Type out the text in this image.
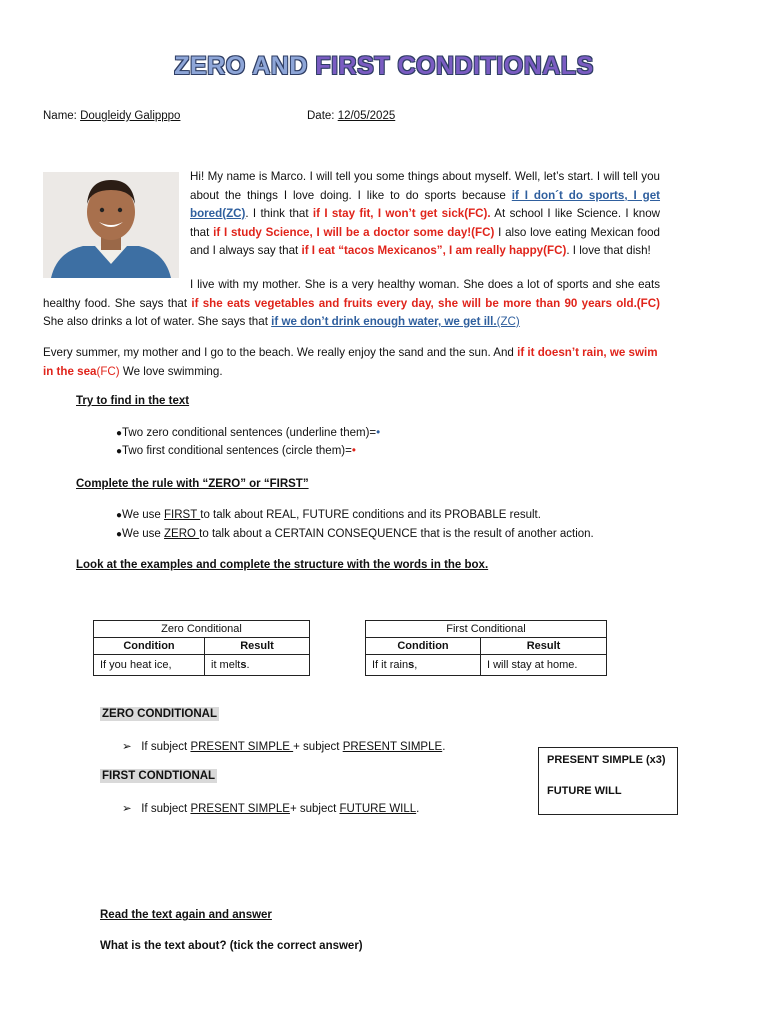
ZERO AND FIRST CONDITIONALS
Name: Dougleidy Galipppo	Date: 12/05/2025
Hi! My name is Marco. I will tell you some things about myself. Well, let’s start. I will tell you about the things I love doing. I like to do sports because if I don´t do sports, I get bored(ZC). I think that if I stay fit, I won’t get sick(FC). At school I like Science. I know that if I study Science, I will be a doctor some day!(FC) I also love eating Mexican food and I always say that if I eat “tacos Mexicanos”, I am really happy(FC). I love that dish!
I live with my mother. She is a very healthy woman. She does a lot of sports and she eats healthy food. She says that if she eats vegetables and fruits every day, she will be more than 90 years old.(FC) She also drinks a lot of water. She says that if we don’t drink enough water, we get ill.(ZC)
Every summer, my mother and I go to the beach. We really enjoy the sand and the sun. And if it doesn’t rain, we swim in the sea(FC) We love swimming.
Try to find in the text
●Two zero conditional sentences (underline them)=•
●Two first conditional sentences (circle them)=•
Complete the rule with “ZERO” or “FIRST”
●We use FIRST to talk about REAL, FUTURE conditions and its PROBABLE result.
●We use ZERO to talk about a CERTAIN CONSEQUENCE that is the result of another action.
Look at the examples and complete the structure with the words in the box.
Zero Conditional	
Condition	Result
If you heat ice,	it melts.
First Conditional	
Condition	Result
If it rains,	I will stay at home.
ZERO CONDITIONAL
➢ If subject PRESENT SIMPLE + subject PRESENT SIMPLE.
FIRST CONDTIONAL
➢ If subject PRESENT SIMPLE+ subject FUTURE WILL.
PRESENT SIMPLE (x3)
FUTURE WILL
Read the text again and answer
What is the text about? (tick the correct answer)
